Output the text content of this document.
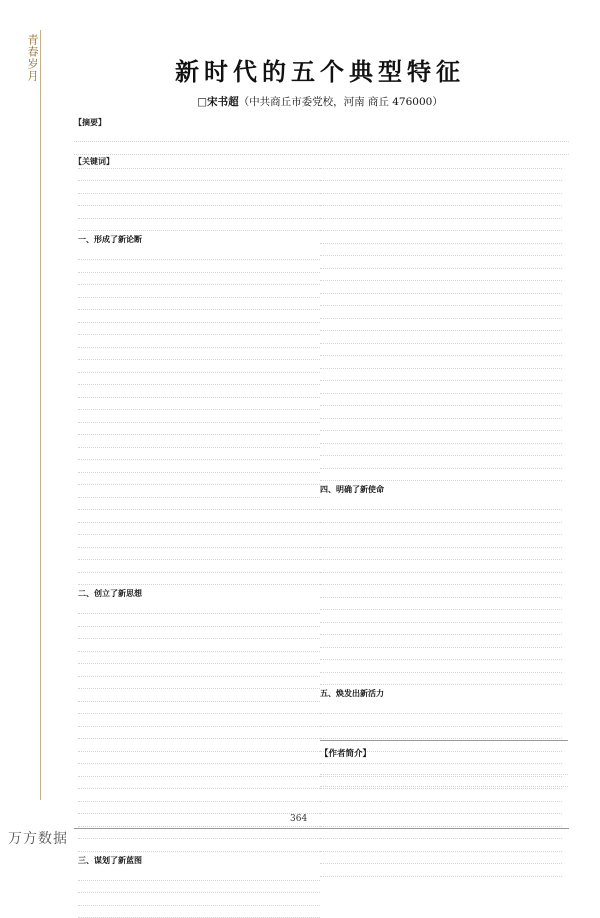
青春岁月	新时代的五个典型特征
□宋书超（中共商丘市委党校，河南 商丘 476000）
【摘要】
【关键词】
一、形成了新论断
二、创立了新思想
三、谋划了新蓝图
四、明确了新使命
五、焕发出新活力
【作者简介】
364
万方数据
